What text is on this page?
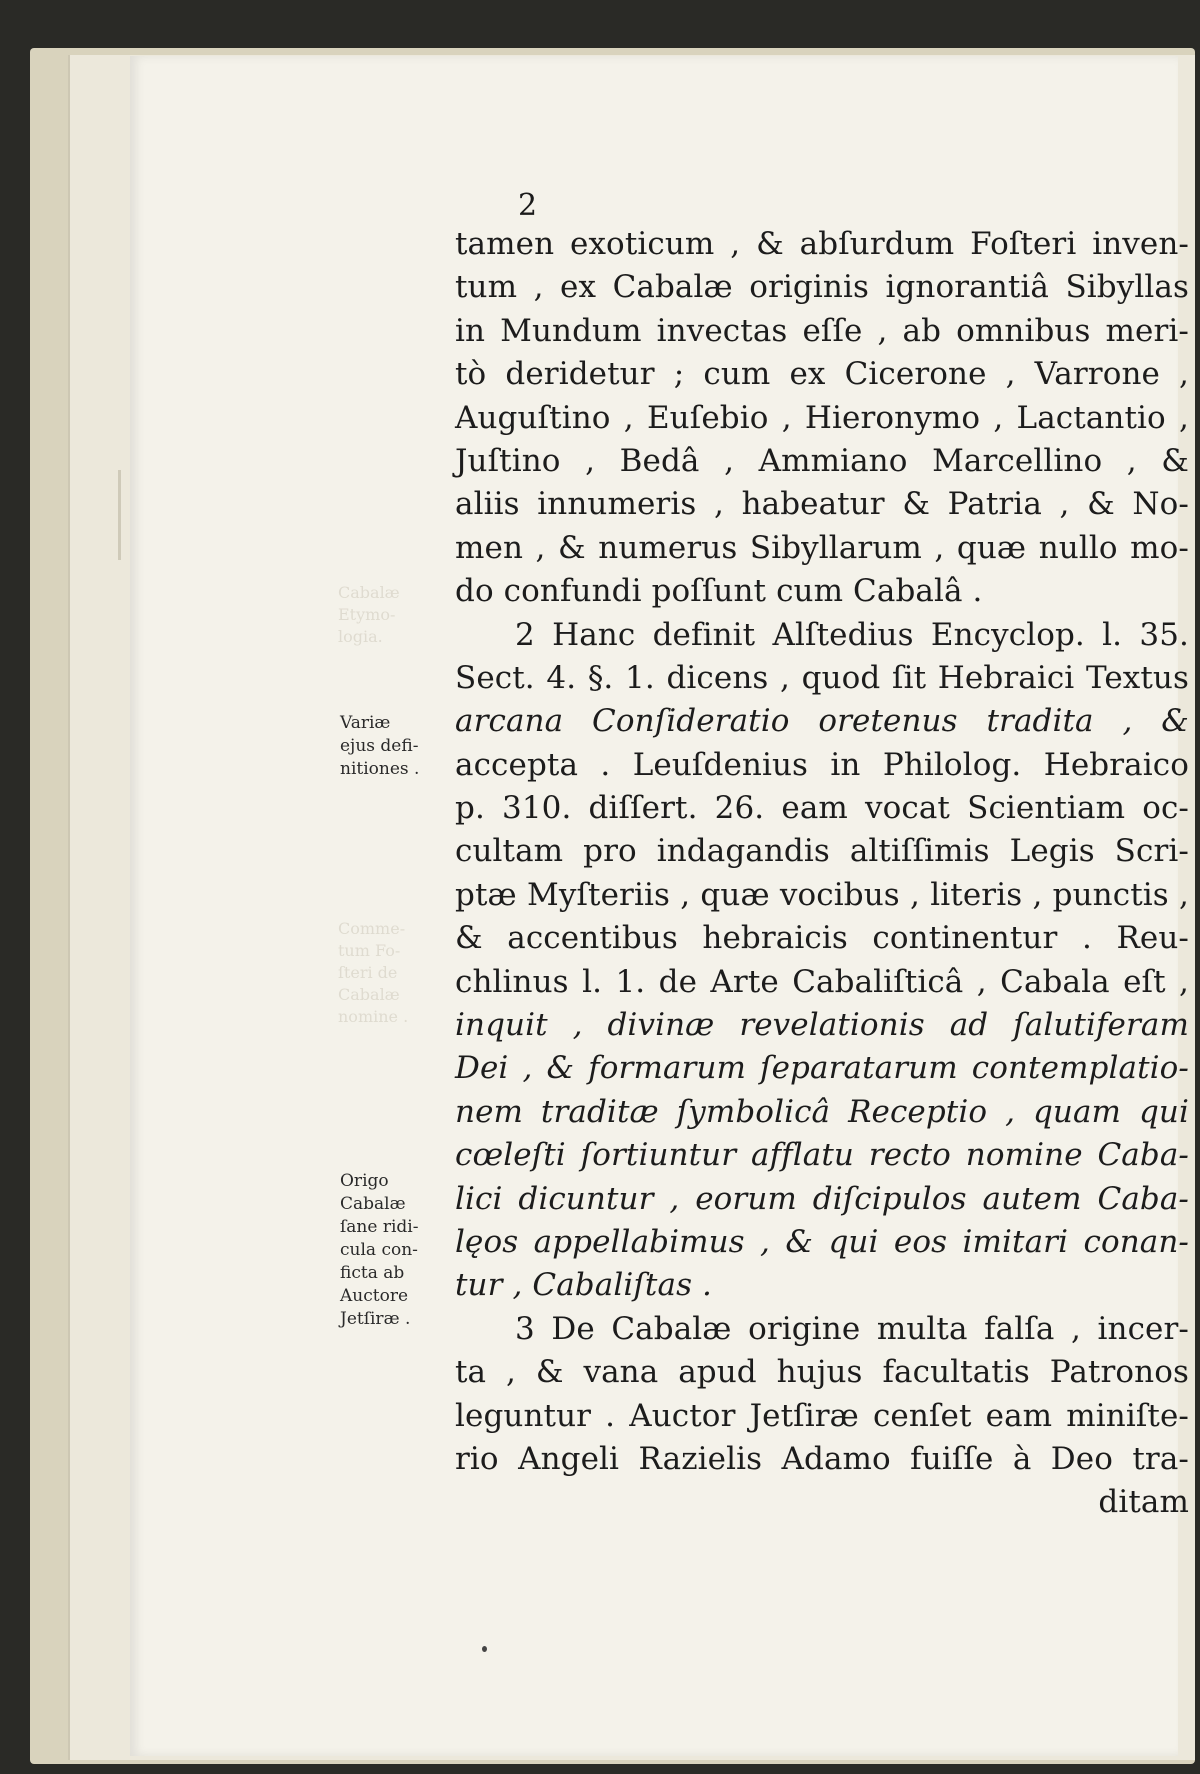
2

Cabalæ
Etymo-
logia.
Comme-
tum Fo-
ſteri de
Cabalæ
nomine .
Variæ
ejus defi-
nitiones .
Origo
Cabalæ
ſane ridi-
cula con-
ficta ab
Auctore
Jetſiræ .
tamen exoticum , & abſurdum Foſteri inven-
tum , ex Cabalæ originis ignorantiâ Sibyllas
in Mundum invectas eſſe , ab omnibus meri-
tò deridetur ; cum ex Cicerone , Varrone ,
Auguſtino , Euſebio , Hieronymo , Lactantio ,
Juſtino , Bedâ , Ammiano Marcellino , &
aliis innumeris , habeatur & Patria , & No-
men , & numerus Sibyllarum , quæ nullo mo-
do confundi poſſunt cum Cabalâ .
2 Hanc definit Alſtedius Encyclop. l. 35.
Sect. 4. §. 1. dicens , quod ſit Hebraici Textus
arcana Conſideratio oretenus tradita , &
accepta . Leuſdenius in Philolog. Hebraico
p. 310. diſſert. 26. eam vocat Scientiam oc-
cultam pro indagandis altiſſimis Legis Scri-
ptæ Myſteriis , quæ vocibus , literis , punctis ,
& accentibus hebraicis continentur . Reu-
chlinus l. 1. de Arte Cabaliſticâ , Cabala eſt ,
inquit , divinæ revelationis ad ſalutiferam
Dei , & formarum ſeparatarum contemplatio-
nem traditæ ſymbolicâ Receptio , quam qui
cœleſti ſortiuntur afflatu recto nomine Caba-
lici dicuntur , eorum diſcipulos autem Caba-
lęos appellabimus , & qui eos imitari conan-
tur , Cabaliſtas .
3 De Cabalæ origine multa falſa , incer-
ta , & vana apud hujus facultatis Patronos
leguntur . Auctor Jetſiræ cenſet eam miniſte-
rio Angeli Razielis Adamo fuiſſe à Deo tra-
ditam
